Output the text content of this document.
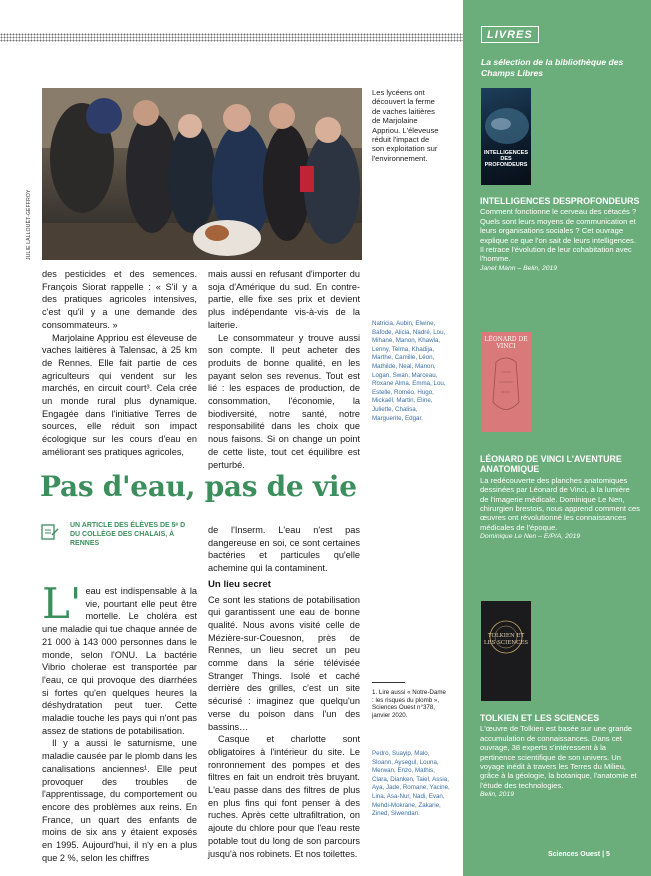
JULIE LALLOUËT-GEFFROY
Les lycéens ont découvert la ferme de vaches laitières de Marjolaine Appriou. L'éleveuse réduit l'impact de son exploitation sur l'environnement.

des pesticides et des semences. François Siorat rappelle : « S'il y a des pratiques agricoles intensives, c'est qu'il y a une demande des consommateurs. »

Marjolaine Appriou est éleveuse de vaches laitières à Talensac, à 25 km de Rennes. Elle fait partie de ces agriculteurs qui vendent sur les marchés, en circuit court³. Cela crée un monde rural plus dynamique. Engagée dans l'initiative Terres de sources, elle réduit son impact écologique sur les cours d'eau en améliorant ses pratiques agricoles,

mais aussi en refusant d'importer du soja d'Amérique du sud. En contre-partie, elle fixe ses prix et devient plus indépendante vis-à-vis de la laiterie.

Le consommateur y trouve aussi son compte. Il peut acheter des produits de bonne qualité, en les payant selon ses revenus. Tout est lié : les espaces de production, de consommation, l'économie, la biodiversité, notre santé, notre responsabilité dans les choix que nous faisons. Si on change un point de cette liste, tout cet équilibre est perturbé.

Natricia, Aubin, Elwine, Bafode, Alicia, Nadré, Lou, Mihane, Manon, Khawla, Lenny, Telma, Khadija, Marthe, Camille, Léon, Mathilde, Neal, Manon, Logan, Swan, Marceau, Roxane Alma, Emma, Lou, Estelle, Roméo, Hugo, Mickaël, Martin, Eline, Juliette, Chalisa, Marguerite, Edgar.
Pas d'eau, pas de vie
UN ARTICLE DES ÉLÈVES DE 5ᵉ D DU COLLÈGE DES CHALAIS, À RENNES
L' eau est indispensable à la vie, pourtant elle peut être mortelle. Le choléra est une maladie qui tue chaque année de 21 000 à 143 000 personnes dans le monde, selon l'ONU. La bactérie Vibrio cholerae est transportée par l'eau, ce qui provoque des diarrhées si fortes qu'en quelques heures la déshydratation peut tuer. Cette maladie touche les pays qui n'ont pas assez de stations de potabilisation.

Il y a aussi le saturnisme, une maladie causée par le plomb dans les canalisations anciennes¹. Elle peut provoquer des troubles de l'apprentissage, du comportement ou encore des problèmes aux reins. En France, un quart des enfants de moins de six ans y étaient exposés en 1995. Aujourd'hui, il n'y en a plus que 2 %, selon les chiffres

de l'Inserm. L'eau n'est pas dangereuse en soi, ce sont certaines bactéries et particules qu'elle achemine qui la contaminent.

Un lieu secret

Ce sont les stations de potabilisation qui garantissent une eau de bonne qualité. Nous avons visité celle de Mézière-sur-Couesnon, près de Rennes, un lieu secret un peu comme dans la série télévisée Stranger Things. Isolé et caché derrière des grilles, c'est un site sécurisé : imaginez que quelqu'un verse du poison dans l'un des bassins…

Casque et charlotte sont obligatoires à l'intérieur du site. Le ronronnement des pompes et des filtres en fait un endroit très bruyant. L'eau passe dans des filtres de plus en plus fins qui font penser à des ruches. Après cette ultrafiltration, on ajoute du chlore pour que l'eau reste potable tout du long de son parcours jusqu'à nos robinets. Et nos toilettes.

1. Lire aussi « Notre-Dame : les risques du plomb », Sciences Ouest n°378, janvier 2020.
Pedro, Suayip, Malo, Sloann, Aysegul, Louna, Merwan, Enzo, Mathis, Clara, Dianken, Taiel, Assia, Aya, Jade, Romane, Yacine, Lina, Asa-Nur, Nadi, Evan, Mehdi-Mokrane, Zakarie, Zined, Siwendan.
LIVRES
La sélection de la bibliothèque des Champs Libres
INTELLIGENCES DES PROFONDEURS

INTELLIGENCES DESPROFONDEURS

Comment fonctionne le cerveau des cétacés ? Quels sont leurs moyens de communication et leurs organisations sociales ? Cet ouvrage explique ce que l'on sait de leurs intelligences. Il retrace l'évolution de leur cohabitation avec l'homme.

Janet Mann – Belin, 2019

LÉONARD DE VINCI

LÉONARD DE VINCI L'AVENTURE ANATOMIQUE

La redécouverte des planches anatomiques dessinées par Léonard de Vinci, à la lumière de l'imagerie médicale. Dominique Le Nen, chirurgien brestois, nous apprend comment ces œuvres ont révolutionné les connaissances médicales de l'époque.

Dominique Le Nen – E/P/A, 2019

TOLKIEN ET LES SCIENCES

TOLKIEN ET LES SCIENCES

L'œuvre de Tolkien est basée sur une grande accumulation de connaissances. Dans cet ouvrage, 38 experts s'intéressent à la pertinence scientifique de son univers. Un voyage inédit à travers les Terres du Milieu, grâce à la géologie, la botanique, l'anatomie et l'étude des technologies.

Belin, 2019

Sciences Ouest | 5
